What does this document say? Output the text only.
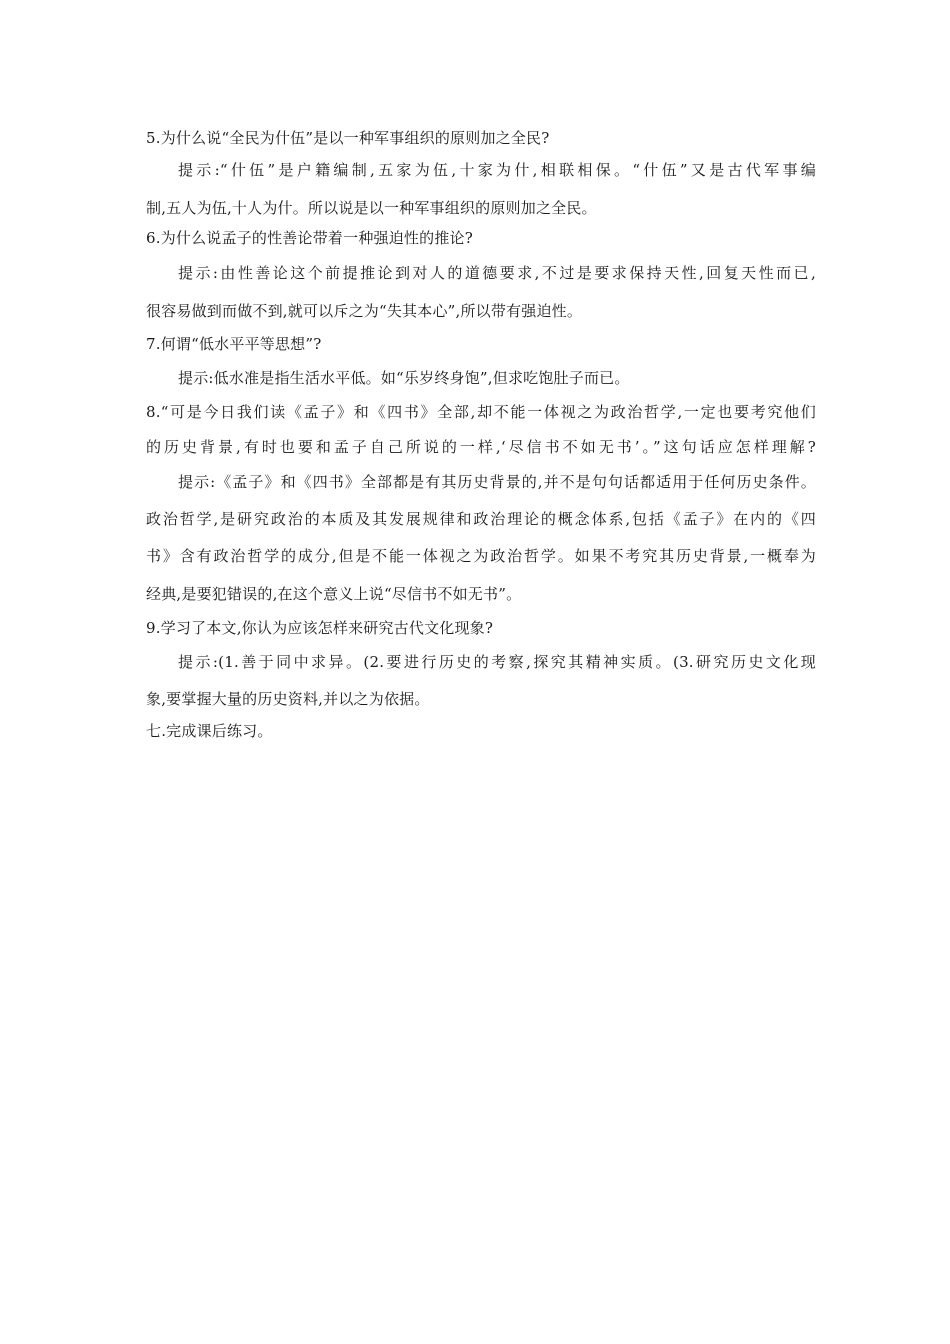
5.为什么说“全民为什伍”是以一种军事组织的原则加之全民?
提示:“什伍”是户籍编制,五家为伍,十家为什,相联相保。“什伍”又是古代军事编
制,五人为伍,十人为什。所以说是以一种军事组织的原则加之全民。
6.为什么说孟子的性善论带着一种强迫性的推论?
提示:由性善论这个前提推论到对人的道德要求,不过是要求保持天性,回复天性而已,
很容易做到而做不到,就可以斥之为“失其本心”,所以带有强迫性。
7.何谓“低水平平等思想”?
提示:低水准是指生活水平低。如“乐岁终身饱”,但求吃饱肚子而已。
8.“可是今日我们读《孟子》和《四书》全部,却不能一体视之为政治哲学,一定也要考究他们
的历史背景,有时也要和孟子自己所说的一样,‘尽信书不如无书’。”这句话应怎样理解?
提示:《孟子》和《四书》全部都是有其历史背景的,并不是句句话都适用于任何历史条件。
政治哲学,是研究政治的本质及其发展规律和政治理论的概念体系,包括《孟子》在内的《四
书》含有政治哲学的成分,但是不能一体视之为政治哲学。如果不考究其历史背景,一概奉为
经典,是要犯错误的,在这个意义上说“尽信书不如无书”。
9.学习了本文,你认为应该怎样来研究古代文化现象?
提示:(1.善于同中求异。(2.要进行历史的考察,探究其精神实质。(3.研究历史文化现
象,要掌握大量的历史资料,并以之为依据。
七.完成课后练习。
